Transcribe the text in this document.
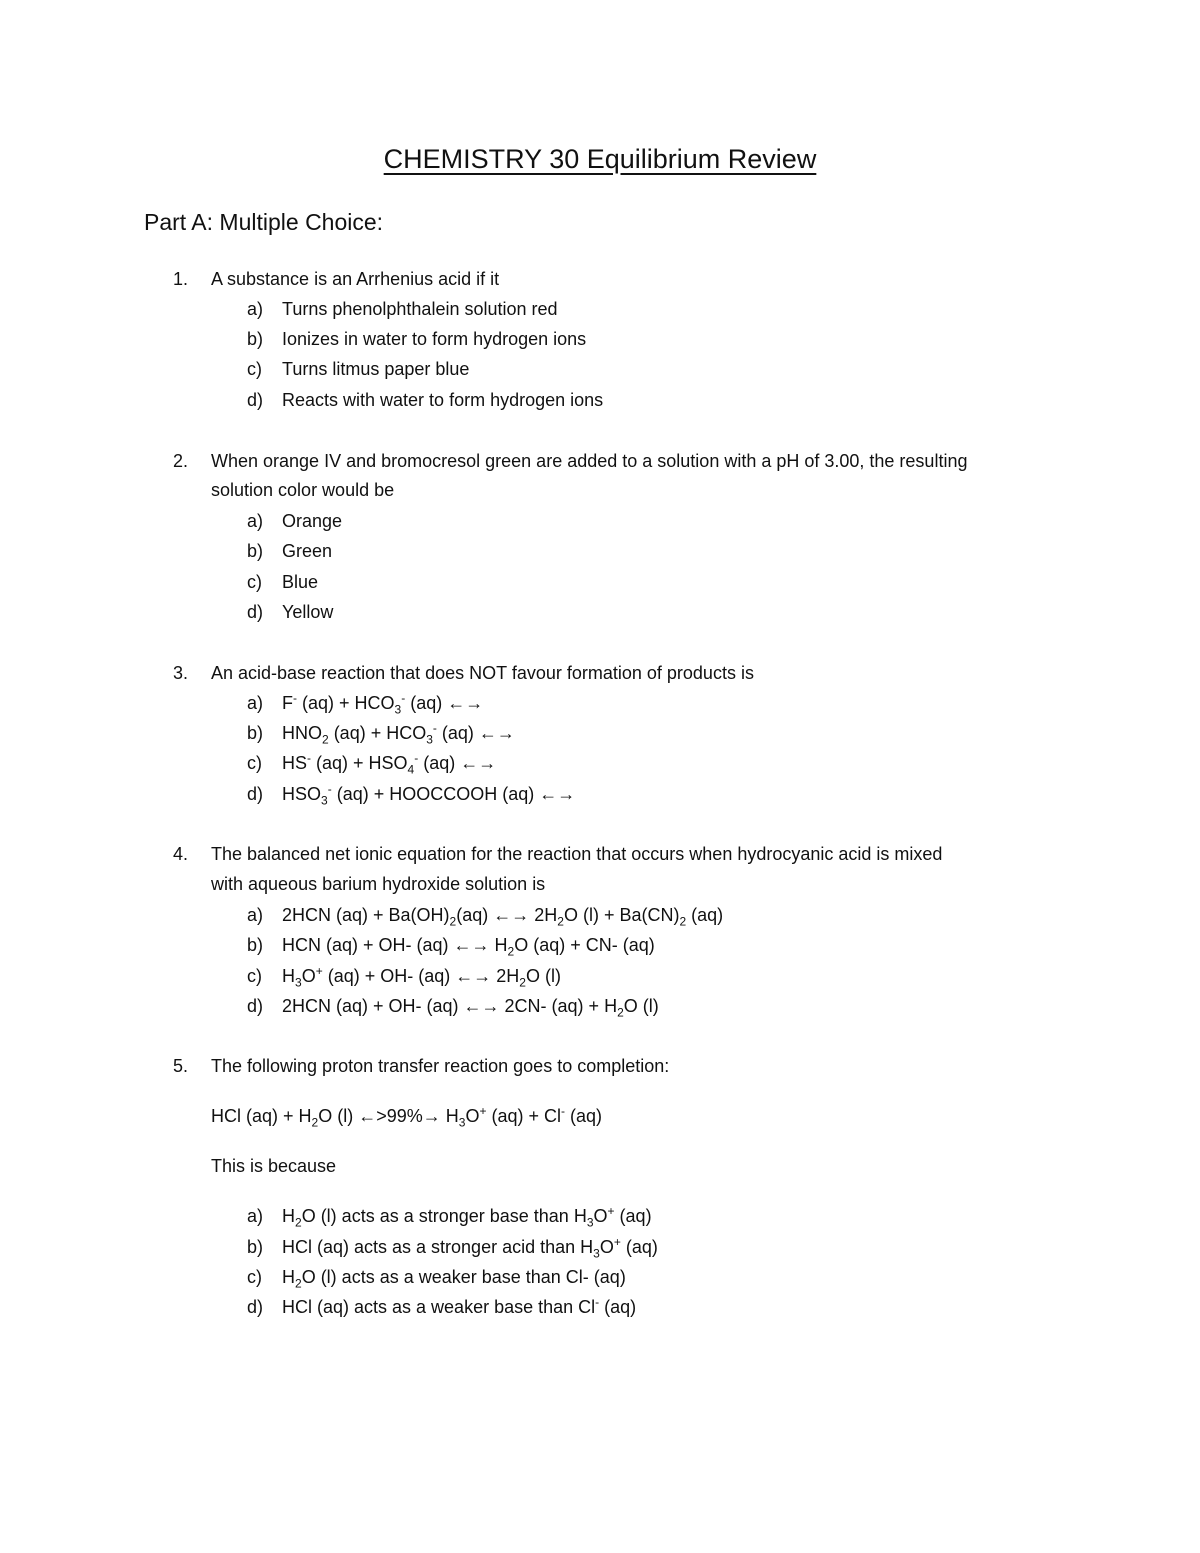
CHEMISTRY 30 Equilibrium Review
Part A: Multiple Choice:
1. A substance is an Arrhenius acid if it
a) Turns phenolphthalein solution red
b) Ionizes in water to form hydrogen ions
c) Turns litmus paper blue
d) Reacts with water to form hydrogen ions
2. When orange IV and bromocresol green are added to a solution with a pH of 3.00, the resulting
solution color would be
a) Orange
b) Green
c) Blue
d) Yellow
3. An acid-base reaction that does NOT favour formation of products is
a) F- $(aq) + HCO_3^-$ (aq) ←→
b) $HNO_2$ $(aq) + HCO_3^-$ (aq) ←→
c) HS- $(aq) + HSO_4^-$ (aq) ←→
d) $HSO_3^-$ (aq) + HOOCCOOH (aq) ←→
4. The balanced net ionic equation for the reaction that occurs when hydrocyanic acid is mixed
with aqueous barium hydroxide solution is
a) 2HCN $(aq) + Ba(OH)_2(aq)$ ←→ $2H_2O$ $(l) + Ba(CN)_2$ (aq)
b) HCN (aq) + OH- (aq) ←→ $H_2O$ (aq) + CN- (aq)
c) $H_3O^+$ (aq) + OH- (aq) ←→ $2H_2O$ (l)
d) 2HCN (aq) + OH- (aq) ←→ 2CN- $(aq) + H_2O$ (l)
5. The following proton transfer reaction goes to completion:
HCl $(aq) + H_2O$ (l) ←>99%→ $H_3O^+$ (aq) + Cl- (aq)
This is because
a) $H_2O$ (l) acts as a stronger base than $H_3O^+$ (aq)
b) HCl (aq) acts as a stronger acid than $H_3O^+$ (aq)
c) $H_2O$ (l) acts as a weaker base than Cl- (aq)
d) HCl (aq) acts as a weaker base than Cl- (aq)
